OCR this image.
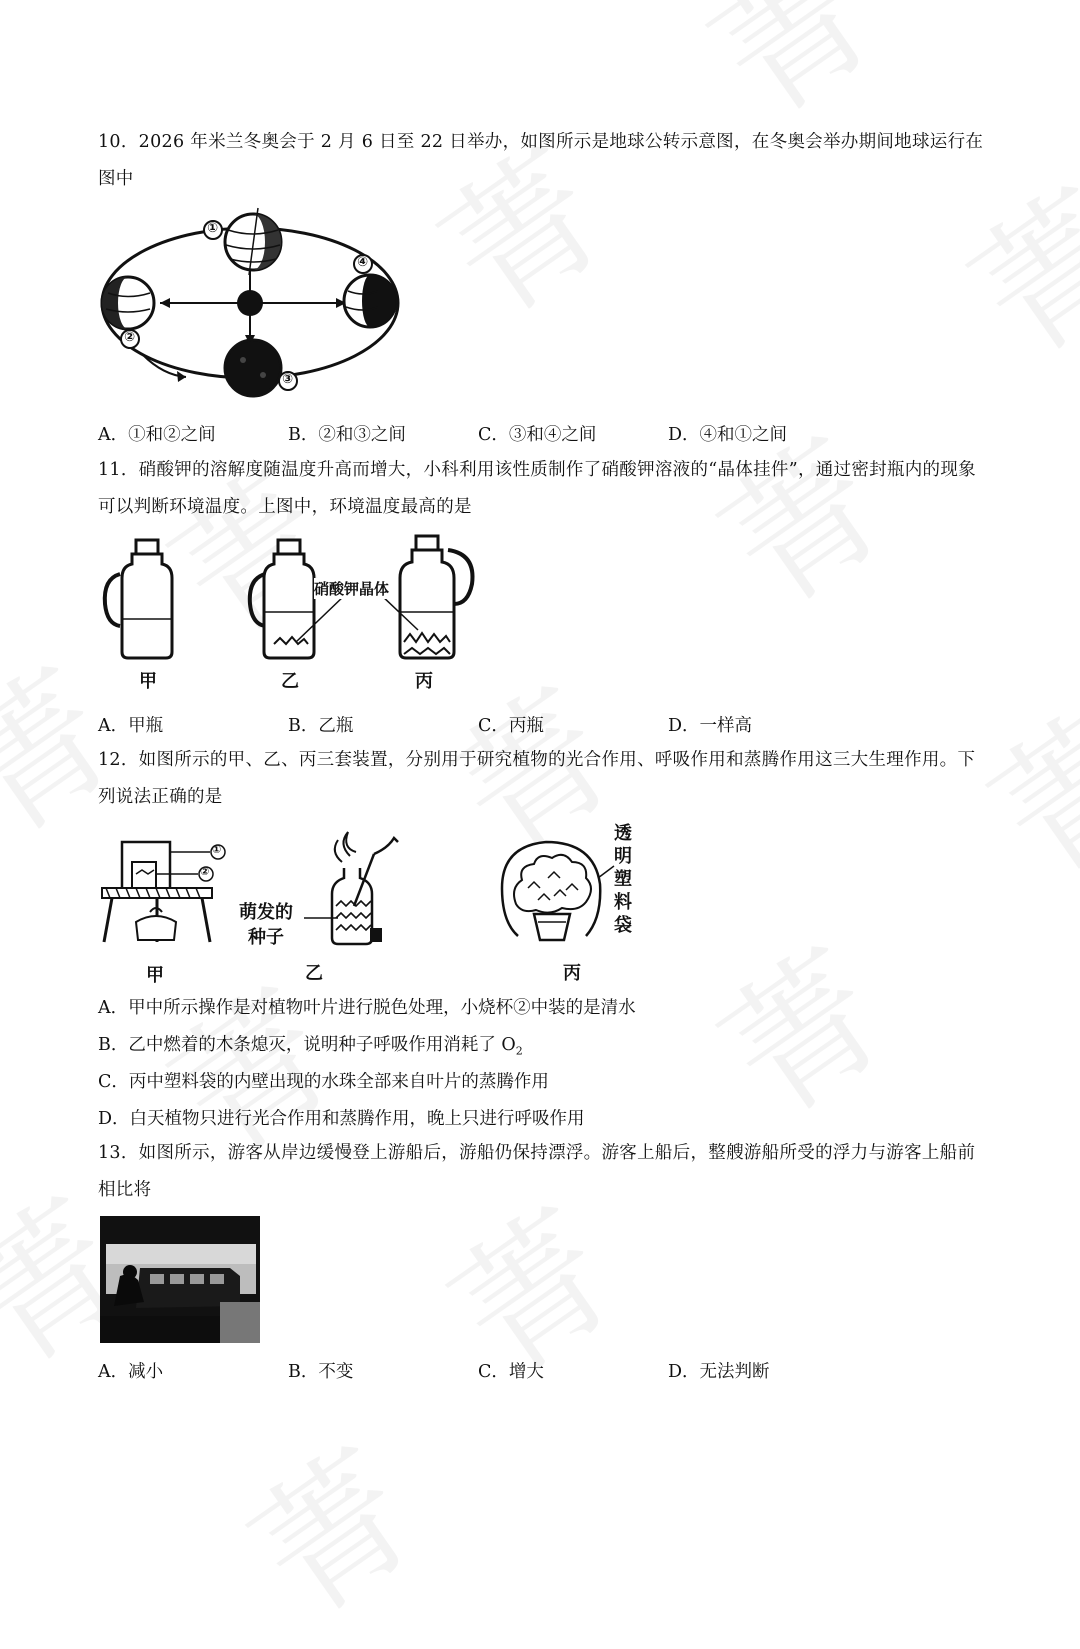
10．2026 年米兰冬奥会于 2 月 6 日至 22 日举办，如图所示是地球公转示意图，在冬奥会举办期间地球运行在图中
①
②
③
④
A．①和②之间	B．②和③之间	C．③和④之间	D．④和①之间
11．硝酸钾的溶解度随温度升高而增大，小科利用该性质制作了硝酸钾溶液的“晶体挂件”，通过密封瓶内的现象可以判断环境温度。上图中，环境温度最高的是
硝酸钾晶体
甲	乙	丙
A．甲瓶	B．乙瓶	C．丙瓶	D．一样高
12．如图所示的甲、乙、丙三套装置，分别用于研究植物的光合作用、呼吸作用和蒸腾作用这三大生理作用。下列说法正确的是
①
②
萌发的
种子
透
明
塑
料
袋
甲	乙	丙
A．甲中所示操作是对植物叶片进行脱色处理，小烧杯②中装的是清水
B．乙中燃着的木条熄灭，说明种子呼吸作用消耗了 $O_2$
C．丙中塑料袋的内壁出现的水珠全部来自叶片的蒸腾作用
D．白天植物只进行光合作用和蒸腾作用，晚上只进行呼吸作用
13．如图所示，游客从岸边缓慢登上游船后，游船仍保持漂浮。游客上船后，整艘游船所受的浮力与游客上船前相比将
A．减小	B．不变	C．增大	D．无法判断
